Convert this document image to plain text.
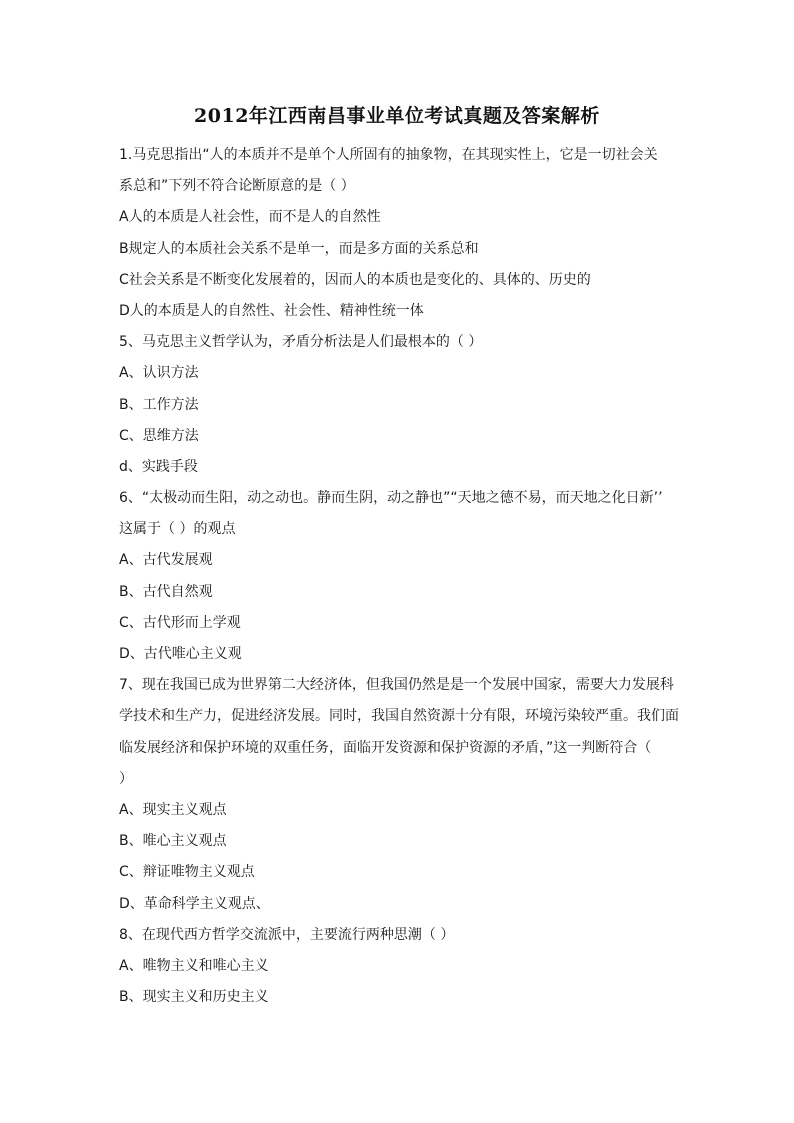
2012年江西南昌事业单位考试真题及答案解析
1.马克思指出“人的本质并不是单个人所固有的抽象物，在其现实性上，它是一切社会关
系总和”下列不符合论断原意的是（ ）
A人的本质是人社会性，而不是人的自然性
B规定人的本质社会关系不是单一，而是多方面的关系总和
C社会关系是不断变化发展着的，因而人的本质也是变化的、具体的、历史的
D人的本质是人的自然性、社会性、精神性统一体
5、马克思主义哲学认为，矛盾分析法是人们最根本的（ ）
A、认识方法
B、工作方法
C、思维方法
d、实践手段
6、“太极动而生阳，动之动也。静而生阴，动之静也”“天地之德不易，而天地之化日新’’
这属于（ ）的观点
A、古代发展观
B、古代自然观
C、古代形而上学观
D、古代唯心主义观
7、现在我国已成为世界第二大经济体，但我国仍然是是一个发展中国家，需要大力发展科
学技术和生产力，促进经济发展。同时，我国自然资源十分有限，环境污染较严重。我们面
临发展经济和保护环境的双重任务，面临开发资源和保护资源的矛盾，”这一判断符合（
）
A、现实主义观点
B、唯心主义观点
C、辩证唯物主义观点
D、革命科学主义观点、
8、在现代西方哲学交流派中，主要流行两种思潮（ ）
A、唯物主义和唯心主义
B、现实主义和历史主义
